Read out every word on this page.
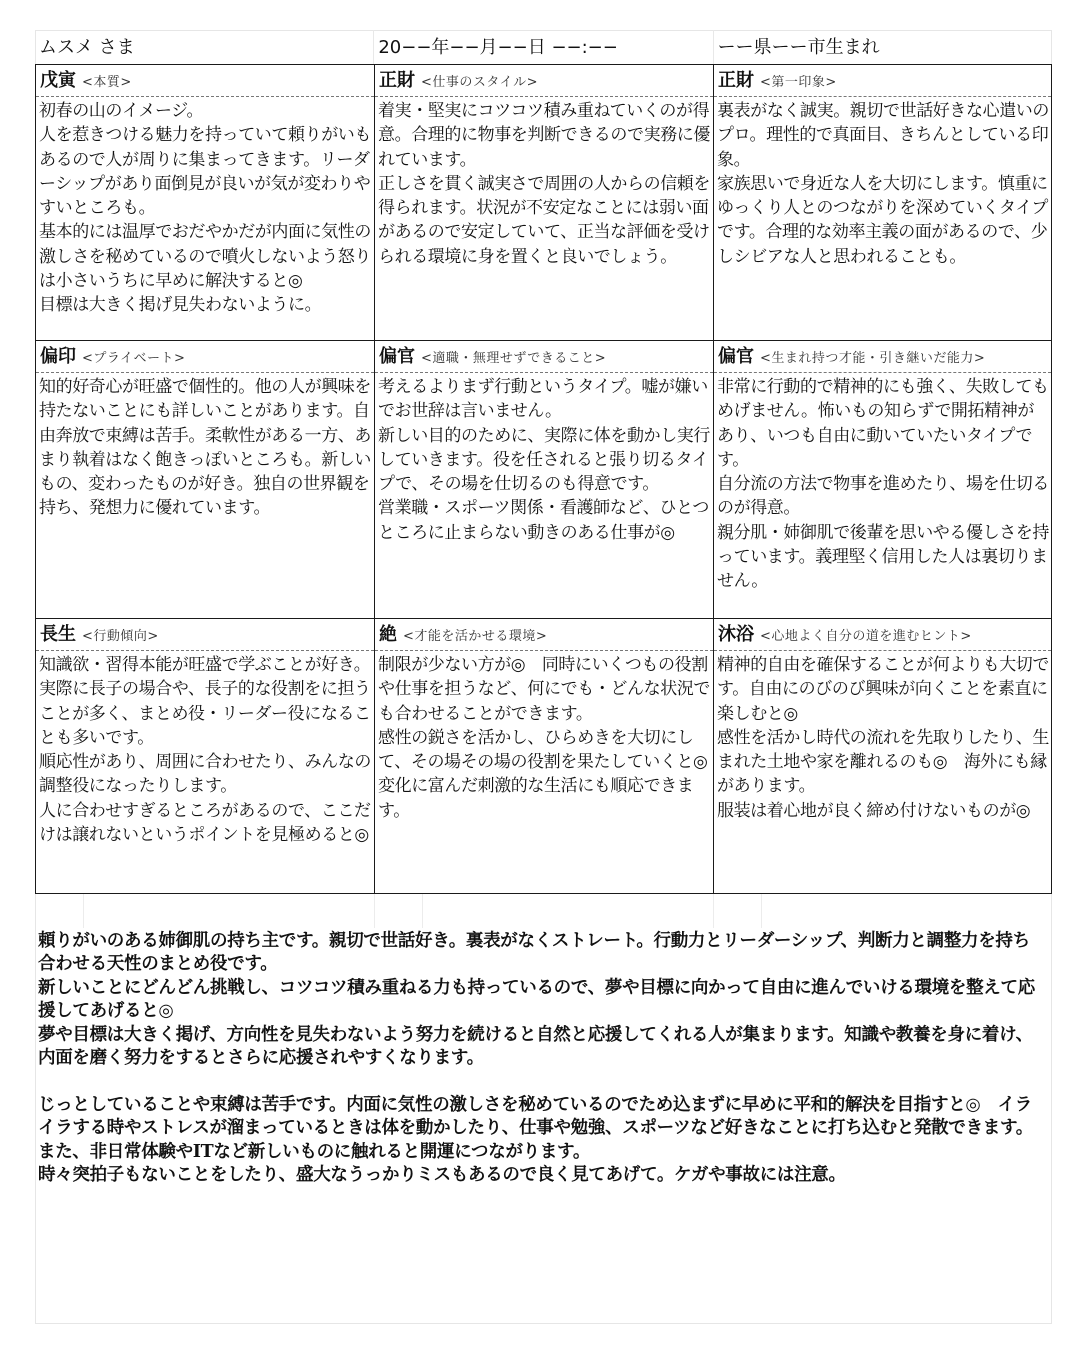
ムスメ さま	20−−年−−月−−日 −−:−−	ーー県ーー市生まれ
戊寅 <本質>

初春の山のイメージ。

人を惹きつける魅力を持っていて頼りがいもあるので人が周りに集まってきます。リーダーシップがあり面倒見が良いが気が変わりやすいところも。

基本的には温厚でおだやかだが内面に気性の激しさを秘めているので噴火しないよう怒りは小さいうちに早めに解決すると◎

目標は大きく掲げ見失わないように。

正財 <仕事のスタイル>

着実・堅実にコツコツ積み重ねていくのが得意。合理的に物事を判断できるので実務に優れています。

正しさを貫く誠実さで周囲の人からの信頼を得られます。状況が不安定なことには弱い面があるので安定していて、正当な評価を受けられる環境に身を置くと良いでしょう。

正財 <第一印象>

裏表がなく誠実。親切で世話好きな心遣いのプロ。理性的で真面目、きちんとしている印象。

家族思いで身近な人を大切にします。慎重にゆっくり人とのつながりを深めていくタイプです。合理的な効率主義の面があるので、少しシビアな人と思われることも。

偏印 <プライベート>

知的好奇心が旺盛で個性的。他の人が興味を持たないことにも詳しいことがあります。自由奔放で束縛は苦手。柔軟性がある一方、あまり執着はなく飽きっぽいところも。新しいもの、変わったものが好き。独自の世界観を持ち、発想力に優れています。

偏官 <適職・無理せずできること>

考えるよりまず行動というタイプ。嘘が嫌いでお世辞は言いません。

新しい目的のために、実際に体を動かし実行していきます。役を任されると張り切るタイプで、その場を仕切るのも得意です。

営業職・スポーツ関係・看護師など、ひとつところに止まらない動きのある仕事が◎

偏官 <生まれ持つ才能・引き継いだ能力>

非常に行動的で精神的にも強く、失敗してもめげません。怖いもの知らずで開拓精神があり、いつも自由に動いていたいタイプです。

自分流の方法で物事を進めたり、場を仕切るのが得意。

親分肌・姉御肌で後輩を思いやる優しさを持っています。義理堅く信用した人は裏切りません。

長生 <行動傾向>

知識欲・習得本能が旺盛で学ぶことが好き。実際に長子の場合や、長子的な役割をに担うことが多く、まとめ役・リーダー役になることも多いです。

順応性があり、周囲に合わせたり、みんなの調整役になったりします。

人に合わせすぎるところがあるので、ここだけは譲れないというポイントを見極めると◎

絶 <才能を活かせる環境>

制限が少ない方が◎　同時にいくつもの役割や仕事を担うなど、何にでも・どんな状況でも合わせることができます。

感性の鋭さを活かし、ひらめきを大切にして、その場その場の役割を果たしていくと◎

変化に富んだ刺激的な生活にも順応できます。

沐浴 <心地よく自分の道を進むヒント>

精神的自由を確保することが何よりも大切です。自由にのびのび興味が向くことを素直に楽しむと◎

感性を活かし時代の流れを先取りしたり、生まれた土地や家を離れるのも◎　海外にも縁があります。

服装は着心地が良く締め付けないものが◎

頼りがいのある姉御肌の持ち主です。親切で世話好き。裏表がなくストレート。行動力とリーダーシップ、判断力と調整力を持ち合わせる天性のまとめ役です。

新しいことにどんどん挑戦し、コツコツ積み重ねる力も持っているので、夢や目標に向かって自由に進んでいける環境を整えて応援してあげると◎

夢や目標は大きく掲げ、方向性を見失わないよう努力を続けると自然と応援してくれる人が集まります。知識や教養を身に着け、内面を磨く努力をするとさらに応援されやすくなります。

じっとしていることや束縛は苦手です。内面に気性の激しさを秘めているのでため込まずに早めに平和的解決を目指すと◎　イライラする時やストレスが溜まっているときは体を動かしたり、仕事や勉強、スポーツなど好きなことに打ち込むと発散できます。また、非日常体験やITなど新しいものに触れると開運につながります。

時々突拍子もないことをしたり、盛大なうっかりミスもあるので良く見てあげて。ケガや事故には注意。
